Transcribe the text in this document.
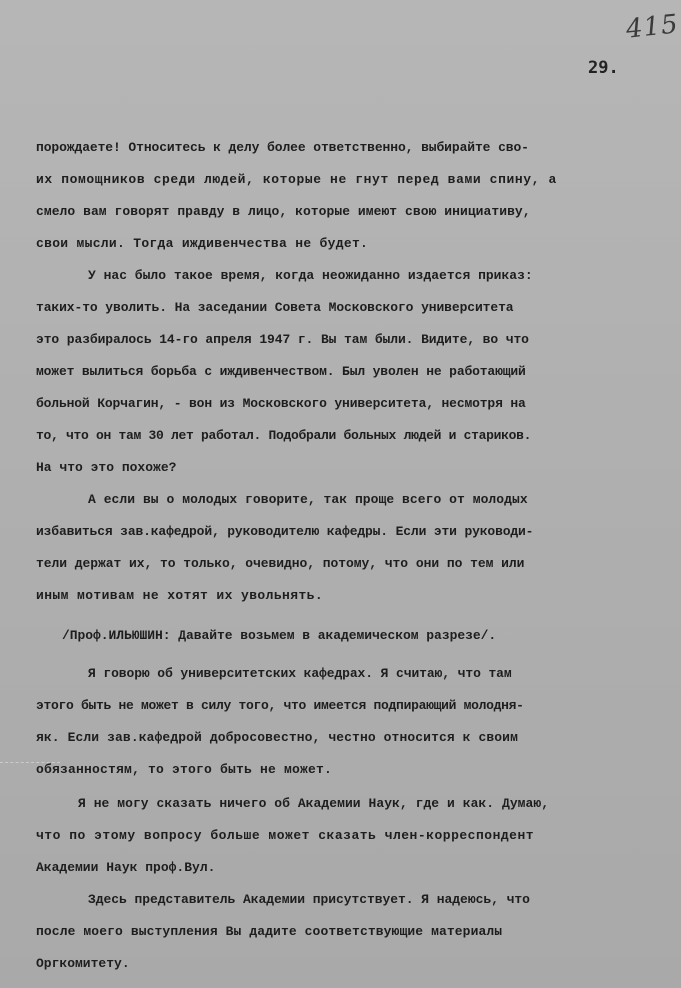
415
29.
порождаете! Относитесь к делу более ответственно, выбирайте сво-
их помощников среди людей, которые не гнут перед вами спину, а
смело вам говорят правду в лицо, которые имеют свою инициативу,
свои мысли. Тогда иждивенчества не будет.
У нас было такое время, когда неожиданно издается приказ:
таких-то уволить. На заседании Совета Московского университета
это разбиралось 14-го апреля 1947 г. Вы там были. Видите, во что
может вылиться борьба с иждивенчеством. Был уволен не работающий
больной Корчагин, - вон из Московского университета, несмотря на
то, что он там 30 лет работал. Подобрали больных людей и стариков.
На что это похоже?
А если вы о молодых говорите, так проще всего от молодых
избавиться зав.кафедрой, руководителю кафедры. Если эти руководи-
тели держат их, то только, очевидно, потому, что они по тем или
иным мотивам не хотят их увольнять.
/Проф.ИЛЬЮШИН: Давайте возьмем в академическом разрезе/.
Я говорю об университетских кафедрах. Я считаю, что там
этого быть не может в силу того, что имеется подпирающий молодня-
як. Если зав.кафедрой добросовестно, честно относится к своим
обязанностям, то этого быть не может.
Я не могу сказать ничего об Академии Наук, где и как. Думаю,
что по этому вопросу больше может сказать член-корреспондент
Академии Наук проф.Вул.
Здесь представитель Академии присутствует. Я надеюсь, что
после моего выступления Вы дадите соответствующие материалы
Оргкомитету.
